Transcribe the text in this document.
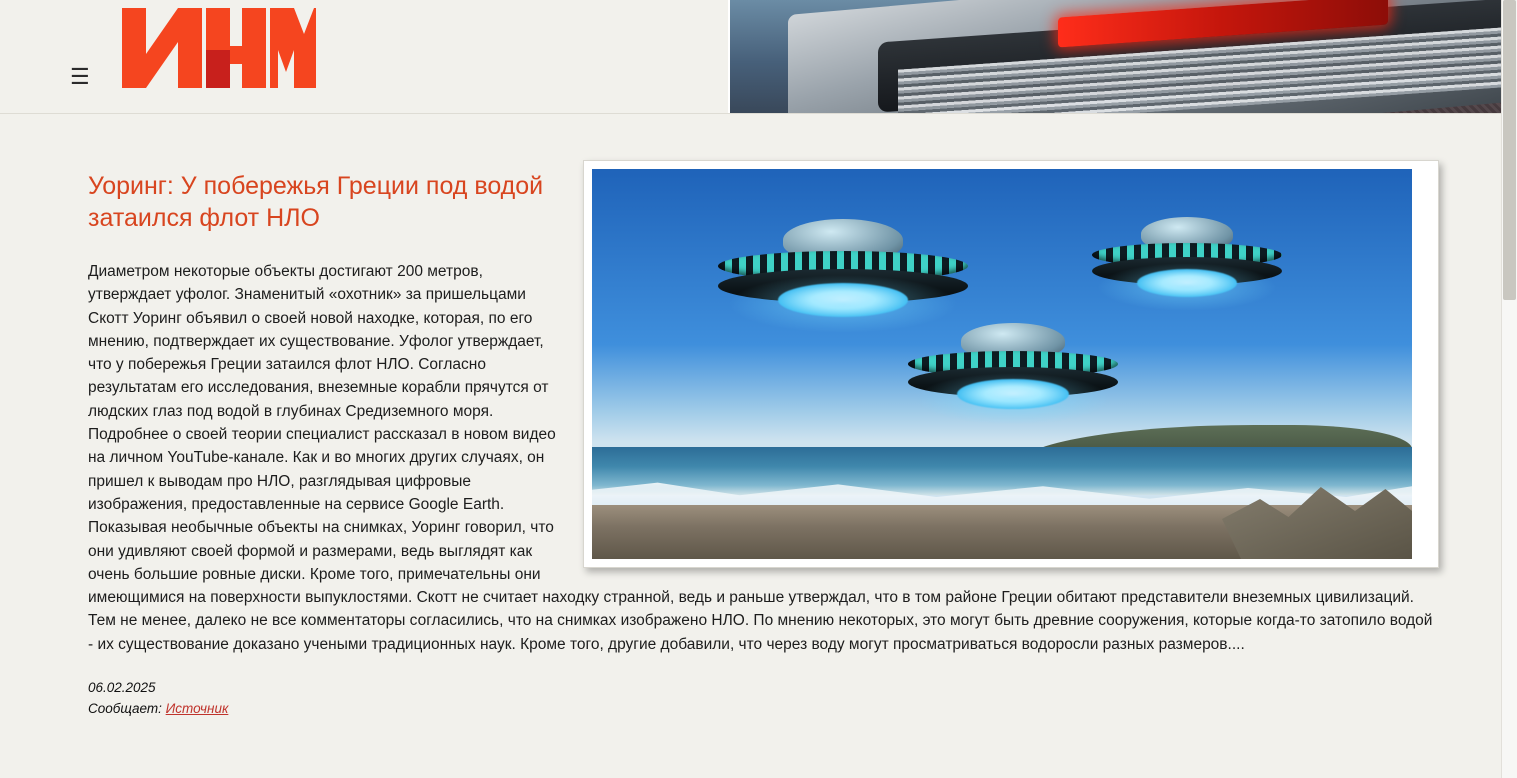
☰
Уоринг: У побережья Греции под водой затаился флот НЛО
Диаметром некоторые объекты достигают 200 метров, утверждает уфолог. Знаменитый «охотник» за пришельцами Скотт Уоринг объявил о своей новой находке, которая, по его мнению, подтверждает их существование. Уфолог утверждает, что у побережья Греции затаился флот НЛО. Согласно результатам его исследования, внеземные корабли прячутся от людских глаз под водой в глубинах Средиземного моря. Подробнее о своей теории специалист рассказал в новом видео на личном YouTube-канале. Как и во многих других случаях, он пришел к выводам про НЛО, разглядывая цифровые изображения, предоставленные на сервисе Google Earth. Показывая необычные объекты на снимках, Уоринг говорил, что они удивляют своей формой и размерами, ведь выглядят как очень большие ровные диски. Кроме того, примечательны они имеющимися на поверхности выпуклостями. Скотт не считает находку странной, ведь и раньше утверждал, что в том районе Греции обитают представители внеземных цивилизаций. Тем не менее, далеко не все комментаторы согласились, что на снимках изображено НЛО. По мнению некоторых, это могут быть древние сооружения, которые когда-то затопило водой - их существование доказано учеными традиционных наук. Кроме того, другие добавили, что через воду могут просматриваться водоросли разных размеров....
06.02.2025
Сообщает: Источник
